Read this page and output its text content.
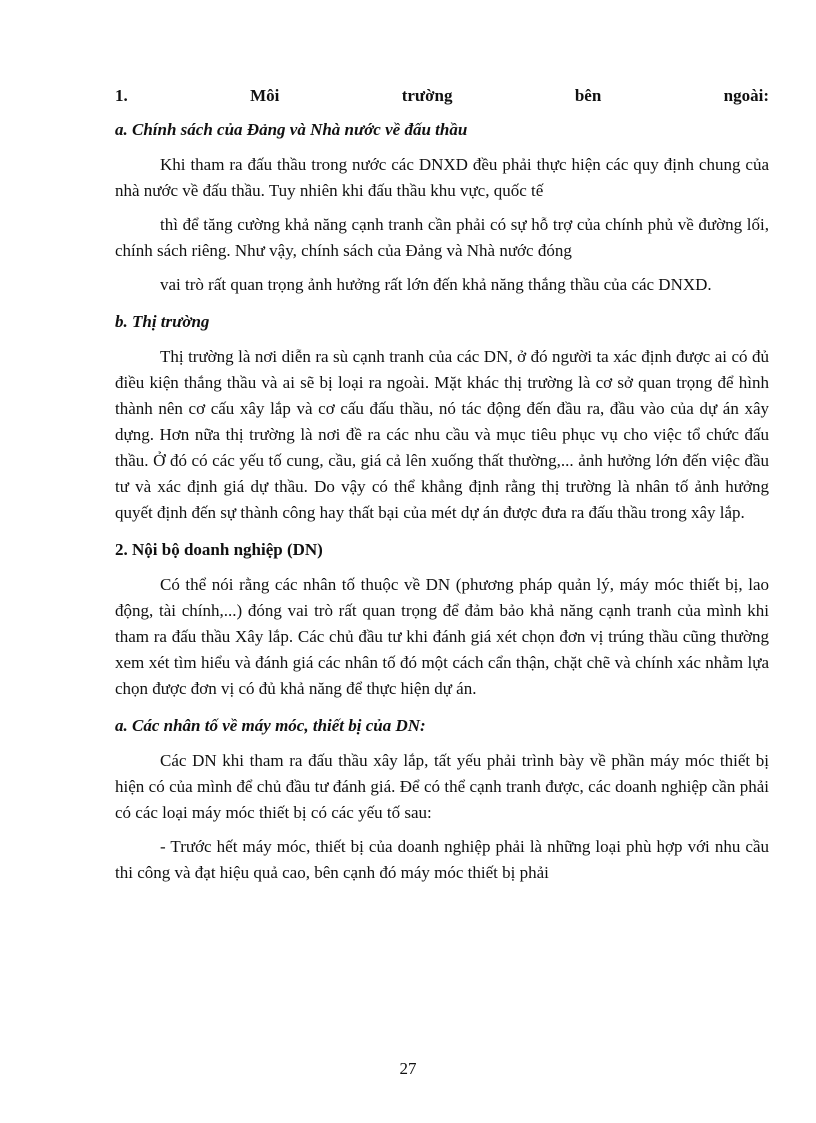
1.	Môi	trường	bên	ngoài:
a. Chính sách của Đảng và Nhà nước về đấu thầu

Khi tham ra đấu thầu trong nước các DNXD đều phải thực hiện các quy định chung của nhà nước về đấu thầu. Tuy nhiên khi đấu thầu khu vực, quốc tế

thì để tăng cường khả năng cạnh tranh cần phải có sự hỗ trợ của chính phủ về đường lối, chính sách riêng. Như vậy, chính sách của Đảng và Nhà nước đóng

vai trò rất quan trọng ảnh hưởng rất lớn đến khả năng thắng thầu của các DNXD.

b. Thị trường

Thị trường là nơi diễn ra sù cạnh tranh của các DN, ở đó người ta xác định được ai có đủ điều kiện thắng thầu và ai sẽ bị loại ra ngoài. Mặt khác thị trường là cơ sở quan trọng để hình thành nên cơ cấu xây lắp và cơ cấu đấu thầu, nó tác động đến đầu ra, đầu vào của dự án xây dựng. Hơn nữa thị trường là nơi đề ra các nhu cầu và mục tiêu phục vụ cho việc tổ chức đấu thầu. Ở đó có các yếu tố cung, cầu, giá cả lên xuống thất thường,... ảnh hưởng lớn đến việc đầu tư và xác định giá dự thầu. Do vậy có thể khẳng định rằng thị trường là nhân tố ảnh hưởng quyết định đến sự thành công hay thất bại của mét dự án được đưa ra đấu thầu trong xây lắp.

2. Nội bộ doanh nghiệp (DN)

Có thể nói rằng các nhân tố thuộc về DN (phương pháp quản lý, máy móc thiết bị, lao động, tài chính,...) đóng vai trò rất quan trọng để đảm bảo khả năng cạnh tranh của mình khi tham ra đấu thầu Xây lắp. Các chủ đầu tư khi đánh giá xét chọn đơn vị trúng thầu cũng thường xem xét tìm hiểu và đánh giá các nhân tố đó một cách cẩn thận, chặt chẽ và chính xác nhằm lựa chọn được đơn vị có đủ khả năng để thực hiện dự án.

a. Các nhân tố về máy móc, thiết bị của DN:

Các DN khi tham ra đấu thầu xây lắp, tất yếu phải trình bày về phần máy móc thiết bị hiện có của mình để chủ đầu tư đánh giá. Để có thể cạnh tranh được, các doanh nghiệp cần phải có các loại máy móc thiết bị có các yếu tố sau:

- Trước hết máy móc, thiết bị của doanh nghiệp phải là những loại phù hợp với nhu cầu thi công và đạt hiệu quả cao, bên cạnh đó máy móc thiết bị phải

27
